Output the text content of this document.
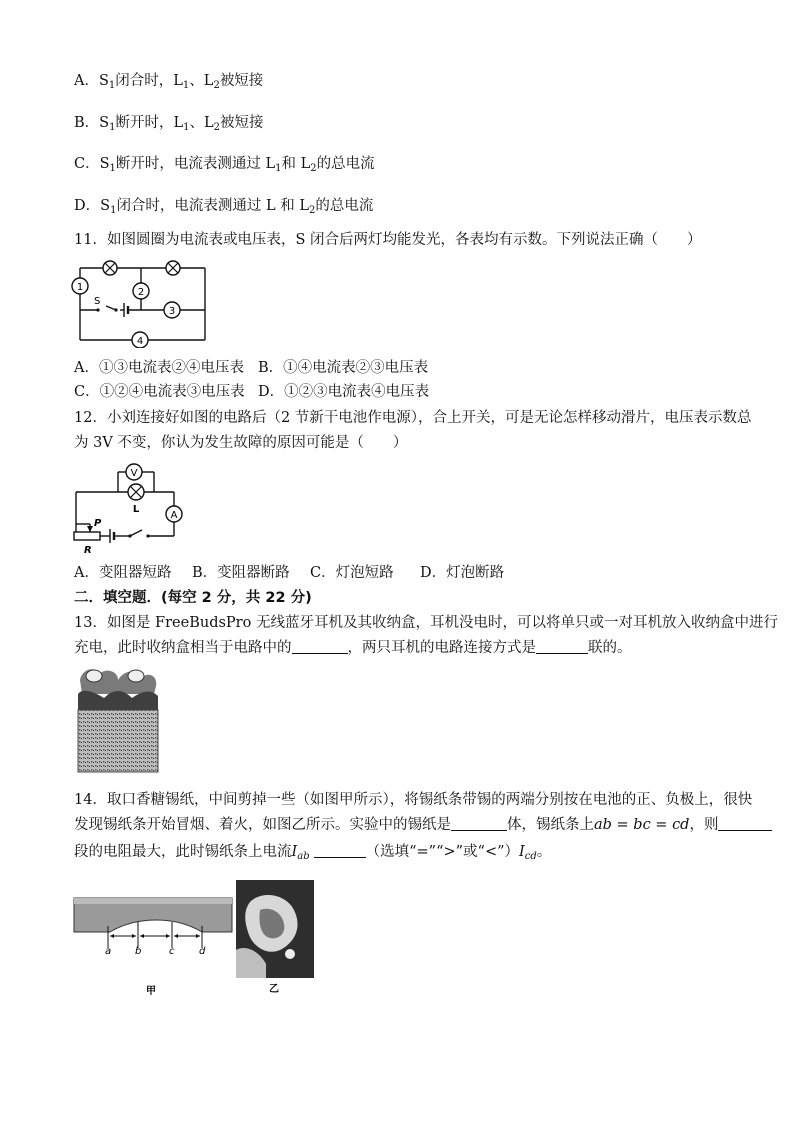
A．$S_1$闭合时，$L_1$、$L_2$被短接
B．$S_1$断开时，$L_1$、$L_2$被短接
C．$S_1$断开时，电流表测通过 $L_1$和 $L_2$的总电流
D．$S_1$闭合时，电流表测通过 L 和 $L_2$的总电流
11．如图圆圈为电流表或电压表，S 闭合后两灯均能发光，各表均有示数。下列说法正确（　　）
S
1	2
3
4
A．①③电流表②④电压表 B．①④电流表②③电压表
C．①②④电流表③电压表 D．①②③电流表④电压表
12．小刘连接好如图的电路后（2 节新干电池作电源），合上开关，可是无论怎样移动滑片，电压表示数总
为 3V 不变，你认为发生故障的原因可能是（　　）
L
V
A
P
R
A．变阻器短路 B．变阻器断路 C．灯泡短路 D．灯泡断路
二．填空题．(每空 2 分，共 22 分)
13．如图是 FreeBudsPro 无线蓝牙耳机及其收纳盒，耳机没电时，可以将单只或一对耳机放入收纳盒中进行
充电，此时收纳盒相当于电路中的	，两只耳机的电路连接方式是	联的。
14．取口香糖锡纸，中间剪掉一些（如图甲所示），将锡纸条带锡的两端分别按在电池的正、负极上，很快
发现锡纸条开始冒烟、着火，如图乙所示。实验中的锡纸是	体，锡纸条上ab = bc = cd，则
段的电阻最大，此时锡纸条上电流$I_{ab}$	（选填“=”“>”或“$<”)I_{cd}$。
a b	c d
甲	乙
